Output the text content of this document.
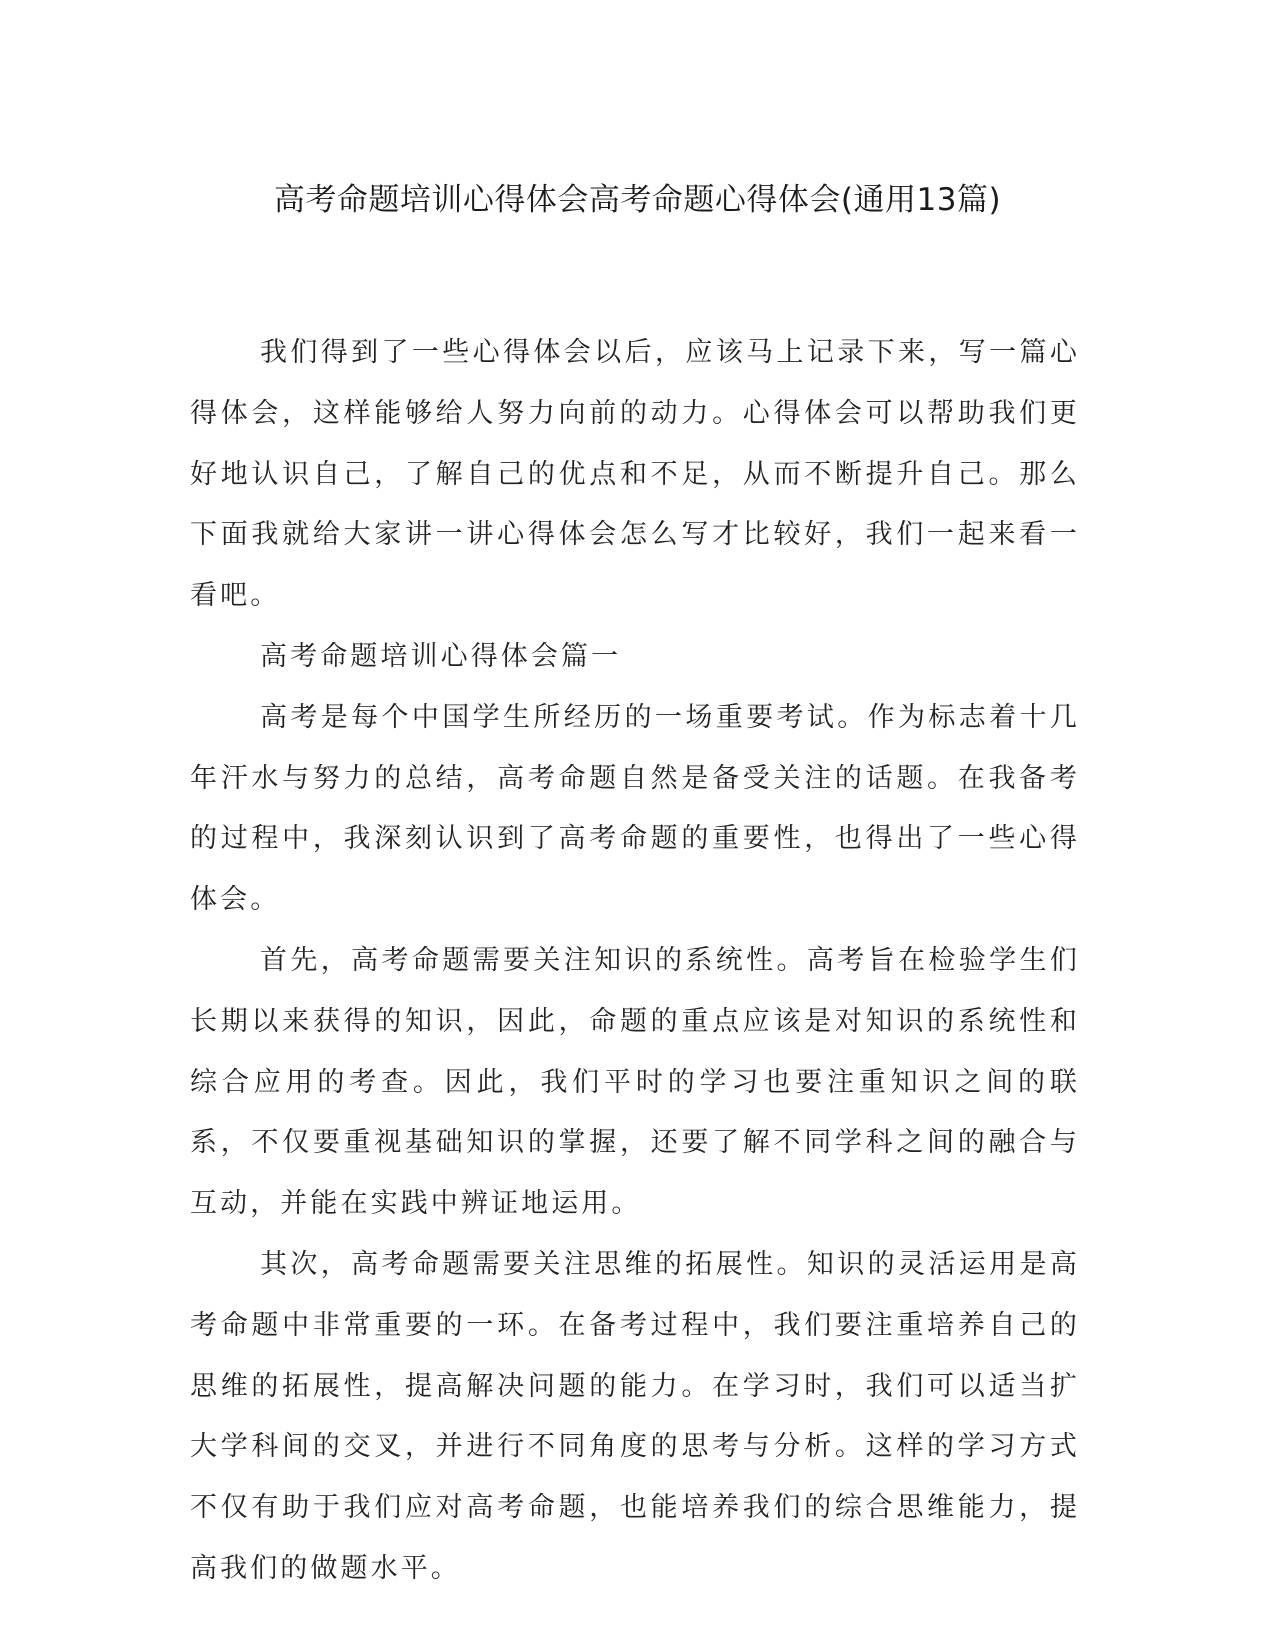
高考命题培训心得体会高考命题心得体会(通用13篇)

我们得到了一些心得体会以后，应该马上记录下来，写一篇心得体会，这样能够给人努力向前的动力。心得体会可以帮助我们更好地认识自己，了解自己的优点和不足，从而不断提升自己。那么下面我就给大家讲一讲心得体会怎么写才比较好，我们一起来看一看吧。

高考命题培训心得体会篇一

高考是每个中国学生所经历的一场重要考试。作为标志着十几年汗水与努力的总结，高考命题自然是备受关注的话题。在我备考的过程中，我深刻认识到了高考命题的重要性，也得出了一些心得体会。

首先，高考命题需要关注知识的系统性。高考旨在检验学生们长期以来获得的知识，因此，命题的重点应该是对知识的系统性和综合应用的考查。因此，我们平时的学习也要注重知识之间的联系，不仅要重视基础知识的掌握，还要了解不同学科之间的融合与互动，并能在实践中辨证地运用。

其次，高考命题需要关注思维的拓展性。知识的灵活运用是高考命题中非常重要的一环。在备考过程中，我们要注重培养自己的思维的拓展性，提高解决问题的能力。在学习时，我们可以适当扩大学科间的交叉，并进行不同角度的思考与分析。这样的学习方式不仅有助于我们应对高考命题，也能培养我们的综合思维能力，提高我们的做题水平。
